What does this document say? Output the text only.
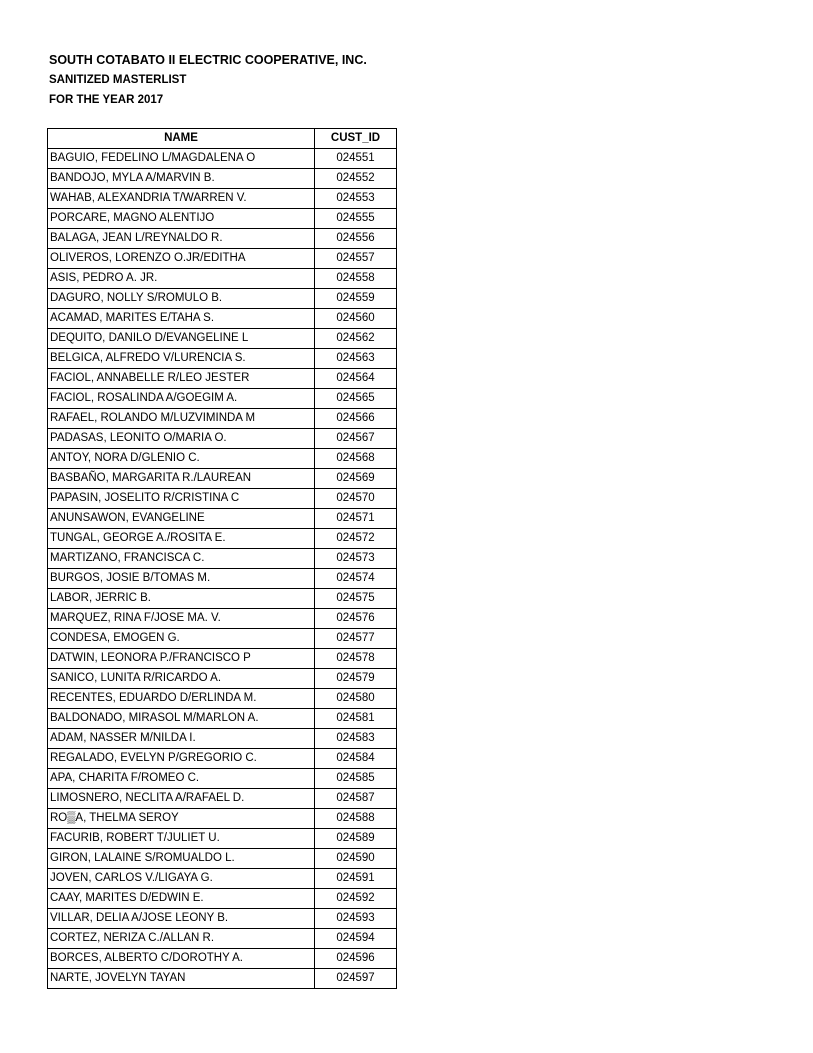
SOUTH COTABATO II ELECTRIC COOPERATIVE, INC.
SANITIZED MASTERLIST
FOR THE YEAR 2017
NAME	CUST_ID
BAGUIO, FEDELINO L/MAGDALENA O	024551
BANDOJO, MYLA A/MARVIN B.	024552
WAHAB, ALEXANDRIA T/WARREN V.	024553
PORCARE, MAGNO ALENTIJO	024555
BALAGA, JEAN L/REYNALDO R.	024556
OLIVEROS, LORENZO O.JR/EDITHA	024557
ASIS, PEDRO A. JR.	024558
DAGURO, NOLLY S/ROMULO B.	024559
ACAMAD, MARITES E/TAHA S.	024560
DEQUITO, DANILO D/EVANGELINE L	024562
BELGICA, ALFREDO V/LURENCIA S.	024563
FACIOL, ANNABELLE R/LEO JESTER	024564
FACIOL, ROSALINDA A/GOEGIM A.	024565
RAFAEL, ROLANDO M/LUZVIMINDA M	024566
PADASAS, LEONITO O/MARIA O.	024567
ANTOY, NORA D/GLENIO C.	024568
BASBAÑO, MARGARITA R./LAUREAN	024569
PAPASIN, JOSELITO R/CRISTINA C	024570
ANUNSAWON, EVANGELINE	024571
TUNGAL, GEORGE A./ROSITA E.	024572
MARTIZANO, FRANCISCA C.	024573
BURGOS, JOSIE B/TOMAS M.	024574
LABOR, JERRIC B.	024575
MARQUEZ, RINA F/JOSE MA. V.	024576
CONDESA, EMOGEN G.	024577
DATWIN, LEONORA P./FRANCISCO P	024578
SANICO, LUNITA R/RICARDO A.	024579
RECENTES, EDUARDO D/ERLINDA M.	024580
BALDONADO, MIRASOL M/MARLON A.	024581
ADAM, NASSER M/NILDA I.	024583
REGALADO, EVELYN P/GREGORIO C.	024584
APA, CHARITA F/ROMEO C.	024585
LIMOSNERO, NECLITA A/RAFAEL D.	024587
RO▒A, THELMA SEROY	024588
FACURIB, ROBERT T/JULIET U.	024589
GIRON, LALAINE S/ROMUALDO L.	024590
JOVEN, CARLOS V./LIGAYA G.	024591
CAAY, MARITES D/EDWIN E.	024592
VILLAR, DELIA A/JOSE LEONY B.	024593
CORTEZ, NERIZA C./ALLAN R.	024594
BORCES, ALBERTO C/DOROTHY A.	024596
NARTE, JOVELYN TAYAN	024597
